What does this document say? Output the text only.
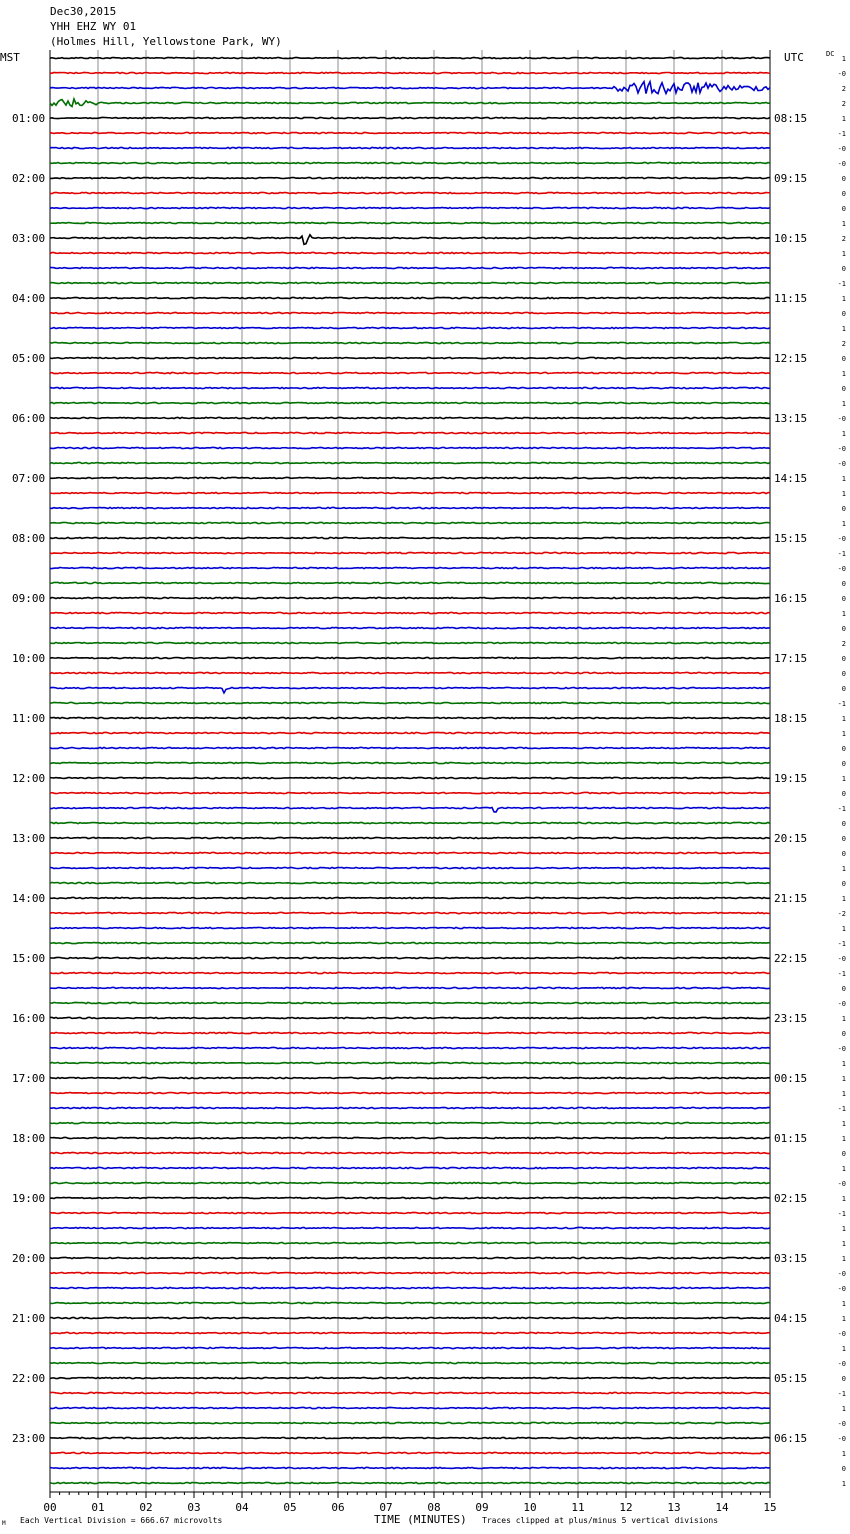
Dec30,2015
YHH EHZ WY 01
(Holmes Hill, Yellowstone Park, WY)
00	01	02	03	04	05	06	07	08	09	10	11	12	13	14	15
1
-0
2
2
1
-1
-0
-0
0
0
0
1
2
1
0
-1
1
0
1
2
0
1
0
1
-0
1
-0
-0
1
1
0
1
-0
-1
-0
0
0
1
0
2
0
0
0
-1
1
1
0
0
1
0
-1
0
0
0
1
0
1
-2
1
-1
-0
-1
0
-0
1
0
-0
1
1
1
-1
1
1
0
1
-0
1
-1
1
1
1
-0
-0
1
1
-0
1
-0
0
-1
1
-0
-0
1
0
1
01:00
02:00
03:00
04:00
05:00
06:00
07:00
08:00
09:00
10:00
11:00
12:00
13:00
14:00
15:00
16:00
17:00
18:00
19:00
20:00
21:00
22:00
23:00
08:15
09:15
10:15
11:15
12:15
13:15
14:15
15:15
16:15
17:15
18:15
19:15
20:15
21:15
22:15
23:15
00:15
01:15
02:15
03:15
04:15
05:15
06:15
MST	UTC	DC
M Each Vertical Division = 666.67 microvolts	TIME (MINUTES) Traces clipped at plus/minus 5 vertical divisions
